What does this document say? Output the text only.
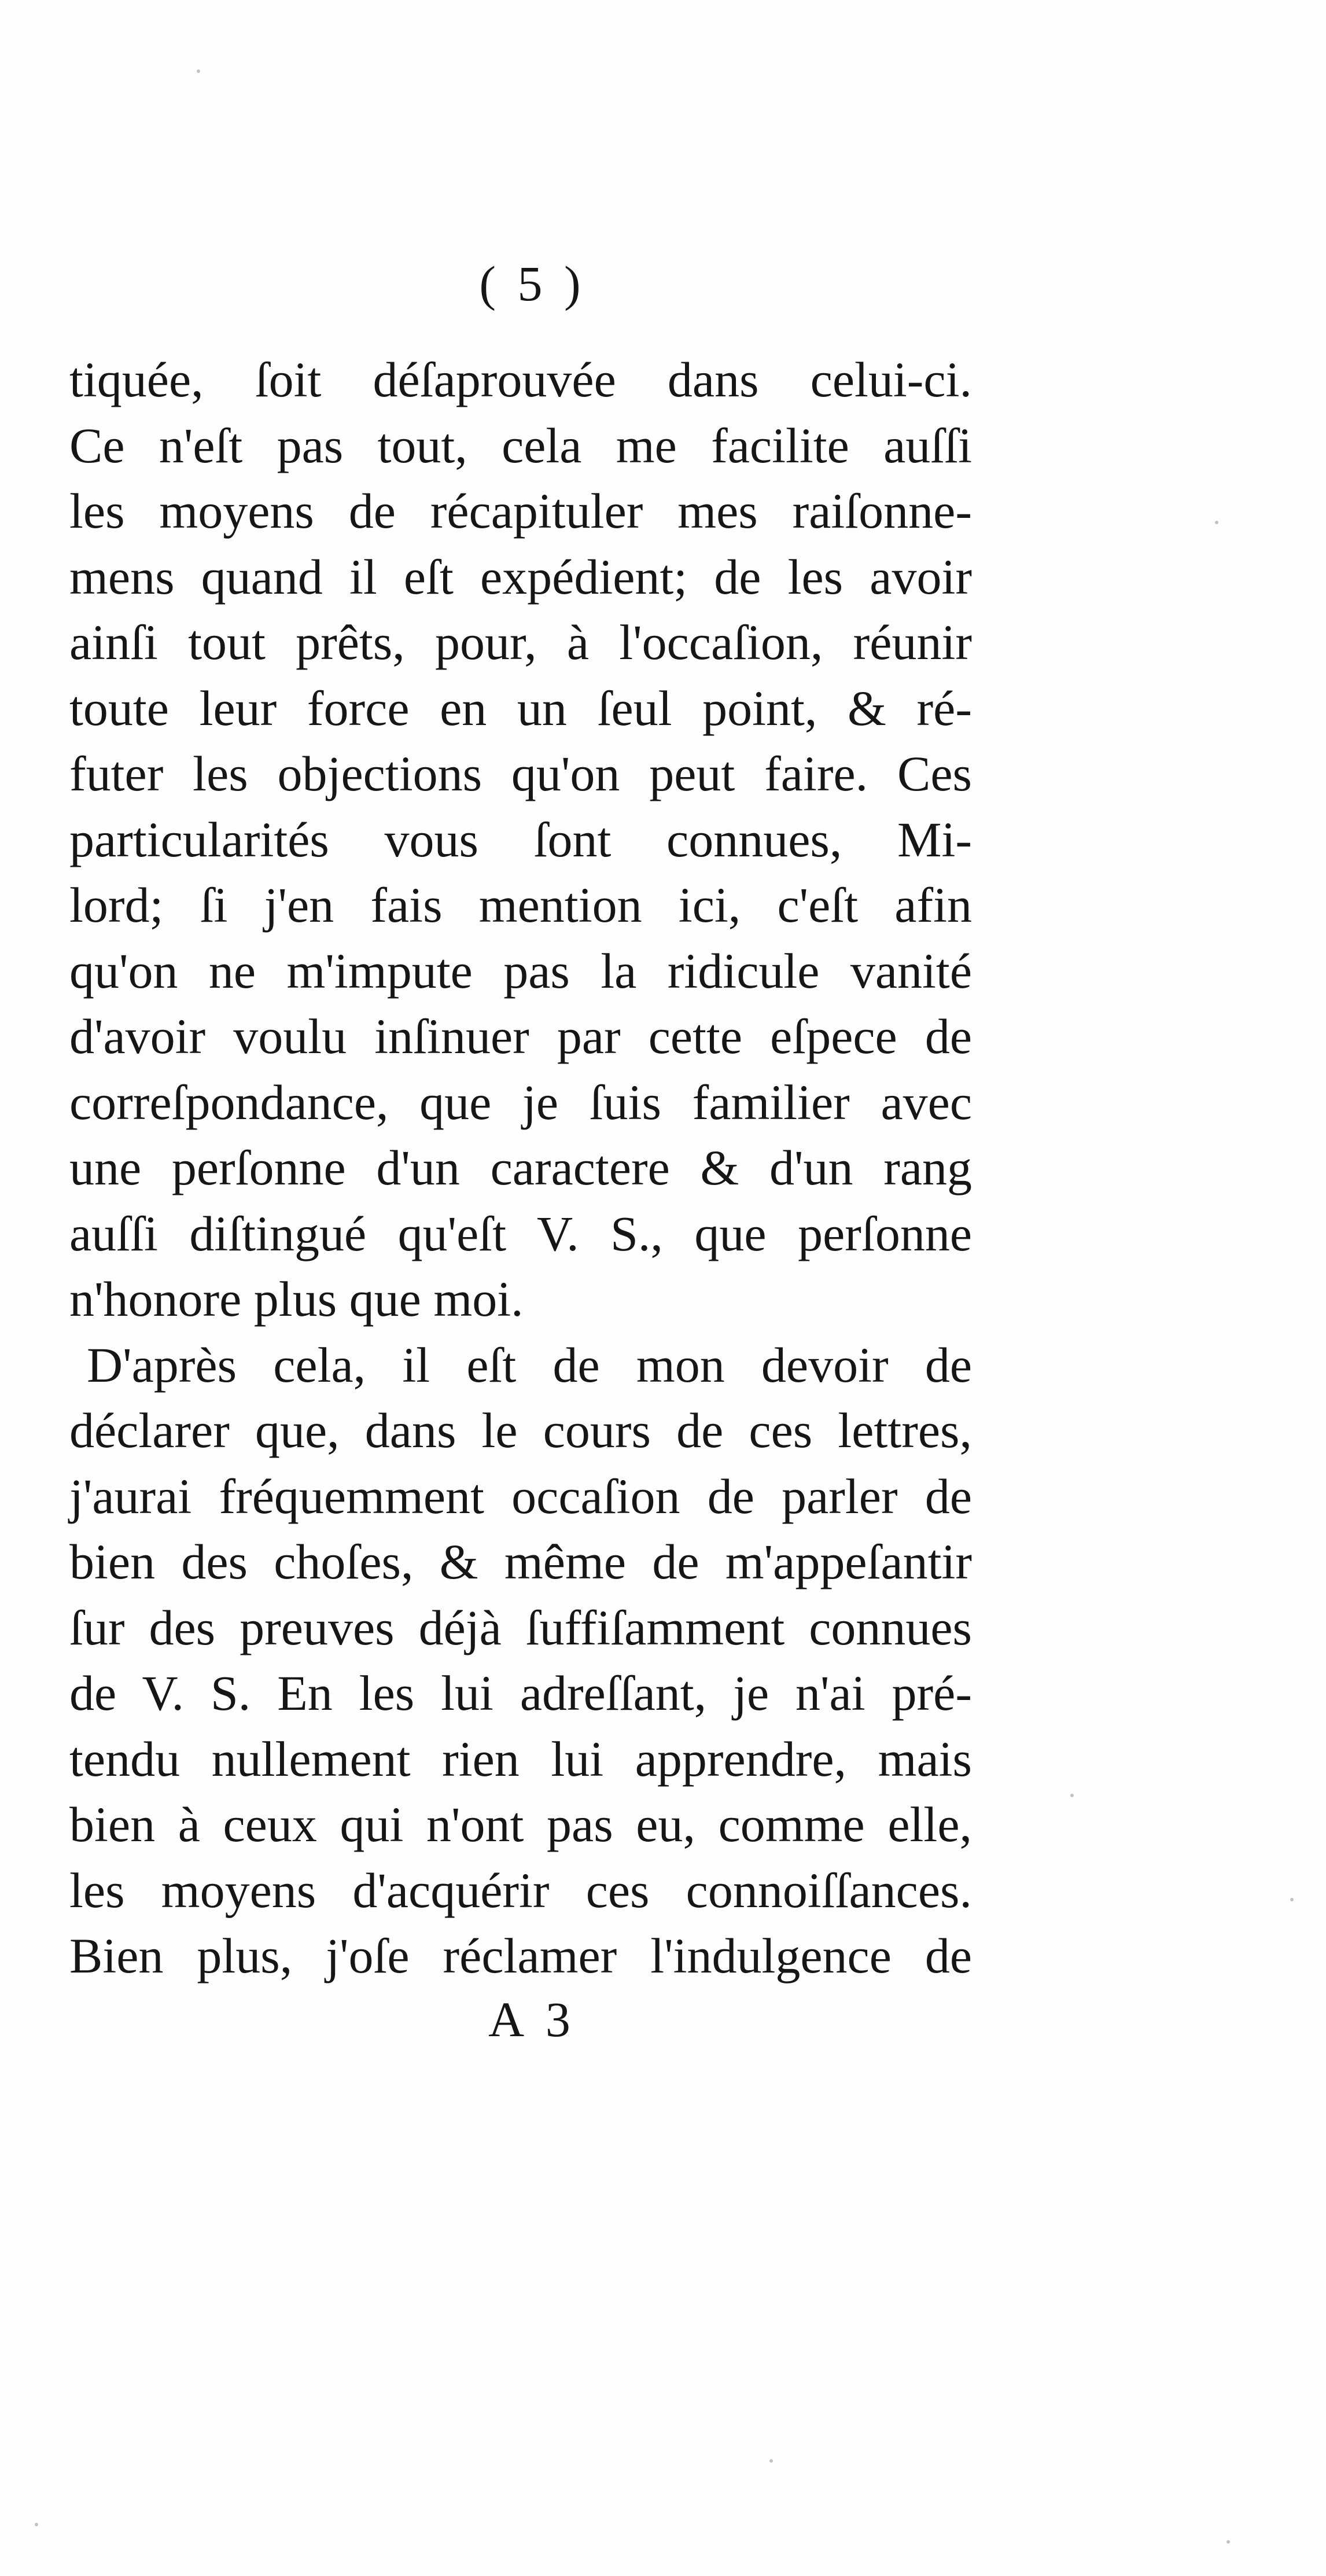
( 5 )
tiquée, ſoit déſaprouvée dans celui-ci.
Ce n'eſt pas tout, cela me facilite auſſi
les moyens de récapituler mes raiſonne-
mens quand il eſt expédient; de les avoir
ainſi tout prêts, pour, à l'occaſion, réunir
toute leur force en un ſeul point, & ré-
futer les objections qu'on peut faire. Ces
particularités vous ſont connues, Mi-
lord; ſi j'en fais mention ici, c'eſt afin
qu'on ne m'impute pas la ridicule vanité
d'avoir voulu inſinuer par cette eſpece de
correſpondance, que je ſuis familier avec
une perſonne d'un caractere & d'un rang
auſſi diſtingué qu'eſt V. S., que perſonne
n'honore plus que moi.
D'après cela, il eſt de mon devoir de
déclarer que, dans le cours de ces lettres,
j'aurai fréquemment occaſion de parler de
bien des choſes, & même de m'appeſantir
ſur des preuves déjà ſuffiſamment connues
de V. S. En les lui adreſſant, je n'ai pré-
tendu nullement rien lui apprendre, mais
bien à ceux qui n'ont pas eu, comme elle,
les moyens d'acquérir ces connoiſſances.
Bien plus, j'oſe réclamer l'indulgence de
A 3
